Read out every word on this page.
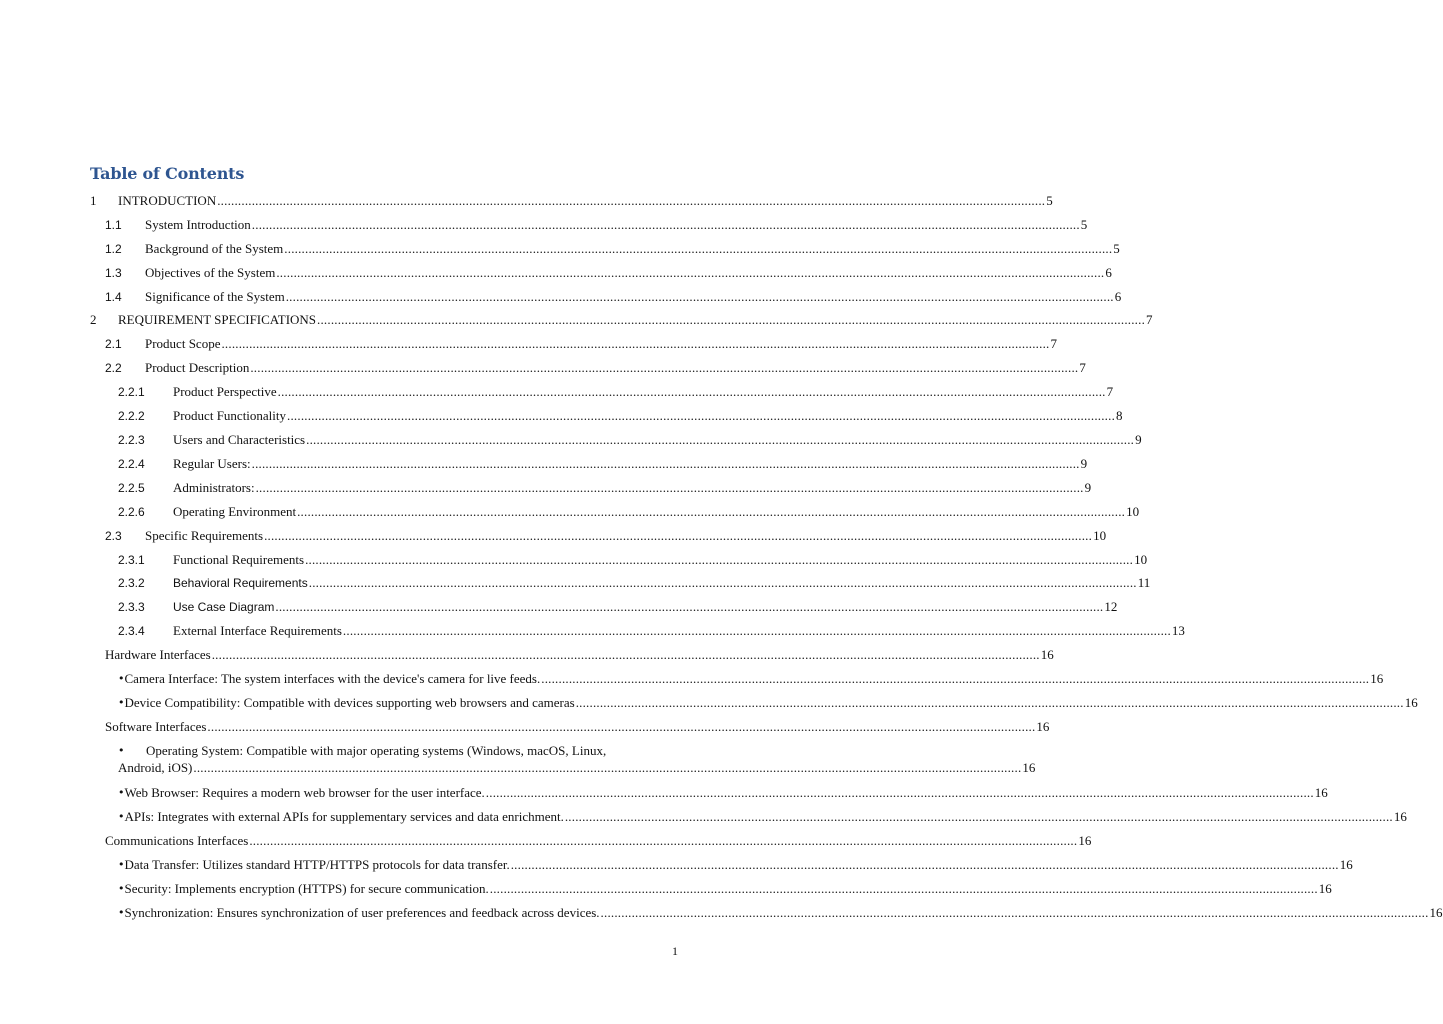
Table of Contents
1	INTRODUCTION .....	5
1.1	System Introduction .....	5
1.2	Background of the System .....	5
1.3	Objectives of the System .....	6
1.4	Significance of the System .....	6
2	REQUIREMENT SPECIFICATIONS .....	7
2.1	Product Scope .....	7
2.2	Product Description .....	7
2.2.1	Product Perspective .....	7
2.2.2	Product Functionality .....	8
2.2.3	Users and Characteristics .....	9
2.2.4	Regular Users: .....	9
2.2.5	Administrators: .....	9
2.2.6	Operating Environment .....	10
2.3	Specific Requirements .....	10
2.3.1	Functional Requirements .....	10
2.3.2	Behavioral Requirements .....	11
2.3.3	Use Case Diagram .....	12
2.3.4	External Interface Requirements .....	13
Hardware Interfaces .....	16
• Camera Interface: The system interfaces with the device's camera for live feeds. .....	16
• Device Compatibility: Compatible with devices supporting web browsers and cameras .....	16
Software Interfaces .....	16
•	Operating System: Compatible with major operating systems (Windows, macOS, Linux,
Android, iOS) .....	16
• Web Browser: Requires a modern web browser for the user interface. .....	16
• APIs: Integrates with external APIs for supplementary services and data enrichment. .....	16
Communications Interfaces .....	16
• Data Transfer: Utilizes standard HTTP/HTTPS protocols for data transfer. .....	16
• Security: Implements encryption (HTTPS) for secure communication. .....	16
• Synchronization: Ensures synchronization of user preferences and feedback across devices. .....	16
1
